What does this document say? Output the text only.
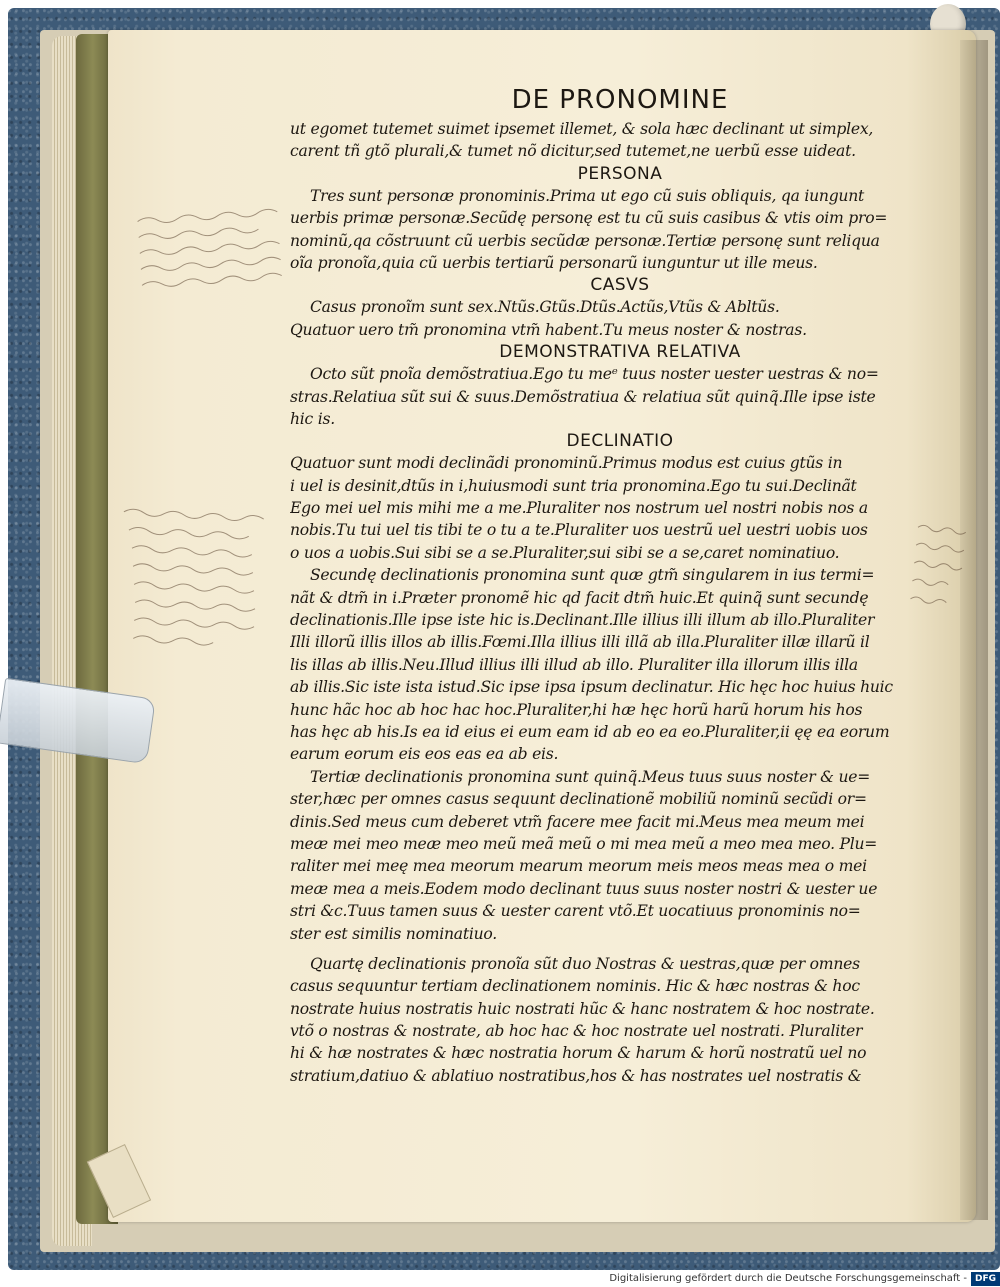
DE PRONOMINE
ut egomet tutemet suimet ipsemet illemet, & sola hæc declinant ut simplex,
carent tñ gtõ plurali,& tumet nõ dicitur,sed tutemet,ne uerbũ esse uideat.
PERSONA
Tres sunt personæ pronominis.Prima ut ego cũ suis obliquis, qa iungunt
uerbis primæ personæ.Secũdę personę est tu cũ suis casibus & vtis oim pro=
nominũ,qa cõstruunt cũ uerbis secũdæ personæ.Tertiæ personę sunt reliqua
oĩa pronoĩa,quia cũ uerbis tertiarũ personarũ iunguntur ut ille meus.
CASVS
Casus pronoĩm sunt sex.Ntũs.Gtũs.Dtũs.Actũs,Vtũs & Abltũs.
Quatuor uero tm̃ pronomina vtm̃ habent.Tu meus noster & nostras.
DEMONSTRATIVA RELATIVA
Octo sũt pnoĩa demõstratiua.Ego tu meᵉ tuus noster uester uestras & no=
stras.Relatiua sũt sui & suus.Demõstratiua & relatiua sũt quinq̃.Ille ipse iste
hic is.
DECLINATIO
Quatuor sunt modi declinãdi pronominũ.Primus modus est cuius gtũs in
i uel is desinit,dtũs in i,huiusmodi sunt tria pronomina.Ego tu sui.Declinãt
Ego mei uel mis mihi me a me.Pluraliter nos nostrum uel nostri nobis nos a
nobis.Tu tui uel tis tibi te o tu a te.Pluraliter uos uestrũ uel uestri uobis uos
o uos a uobis.Sui sibi se a se.Pluraliter,sui sibi se a se,caret nominatiuo.
Secundę declinationis pronomina sunt quæ gtm̃ singularem in ius termi=
nãt & dtm̃ in i.Præter pronomẽ hic qd facit dtm̃ huic.Et quinq̃ sunt secundę
declinationis.Ille ipse iste hic is.Declinant.Ille illius illi illum ab illo.Pluraliter
Illi illorũ illis illos ab illis.Fœmi.Illa illius illi illã ab illa.Pluraliter illæ illarũ il
lis illas ab illis.Neu.Illud illius illi illud ab illo. Pluraliter illa illorum illis illa
ab illis.Sic iste ista istud.Sic ipse ipsa ipsum declinatur. Hic hęc hoc huius huic
hunc hãc hoc ab hoc hac hoc.Pluraliter,hi hæ hęc horũ harũ horum his hos
has hęc ab his.Is ea id eius ei eum eam id ab eo ea eo.Pluraliter,ii ęę ea eorum
earum eorum eis eos eas ea ab eis.
Tertiæ declinationis pronomina sunt quinq̃.Meus tuus suus noster & ue=
ster,hæc per omnes casus sequunt declinationẽ mobiliũ nominũ secũdi or=
dinis.Sed meus cum deberet vtm̃ facere mee facit mi.Meus mea meum mei
meæ mei meo meæ meo meũ meã meũ o mi mea meũ a meo mea meo. Plu=
raliter mei meę mea meorum mearum meorum meis meos meas mea o mei
meæ mea a meis.Eodem modo declinant tuus suus noster nostri & uester ue
stri &c.Tuus tamen suus & uester carent vtõ.Et uocatiuus pronominis no=
ster est similis nominatiuo.
Quartę declinationis pronoĩa sũt duo Nostras & uestras,quæ per omnes
casus sequuntur tertiam declinationem nominis. Hic & hæc nostras & hoc
nostrate huius nostratis huic nostrati hũc & hanc nostratem & hoc nostrate.
vtõ o nostras & nostrate, ab hoc hac & hoc nostrate uel nostrati. Pluraliter
hi & hæ nostrates & hæc nostratia horum & harum & horũ nostratũ uel no
stratium,datiuo & ablatiuo nostratibus,hos & has nostrates uel nostratis &
Digitalisierung gefördert durch die Deutsche Forschungsgemeinschaft - DFG
